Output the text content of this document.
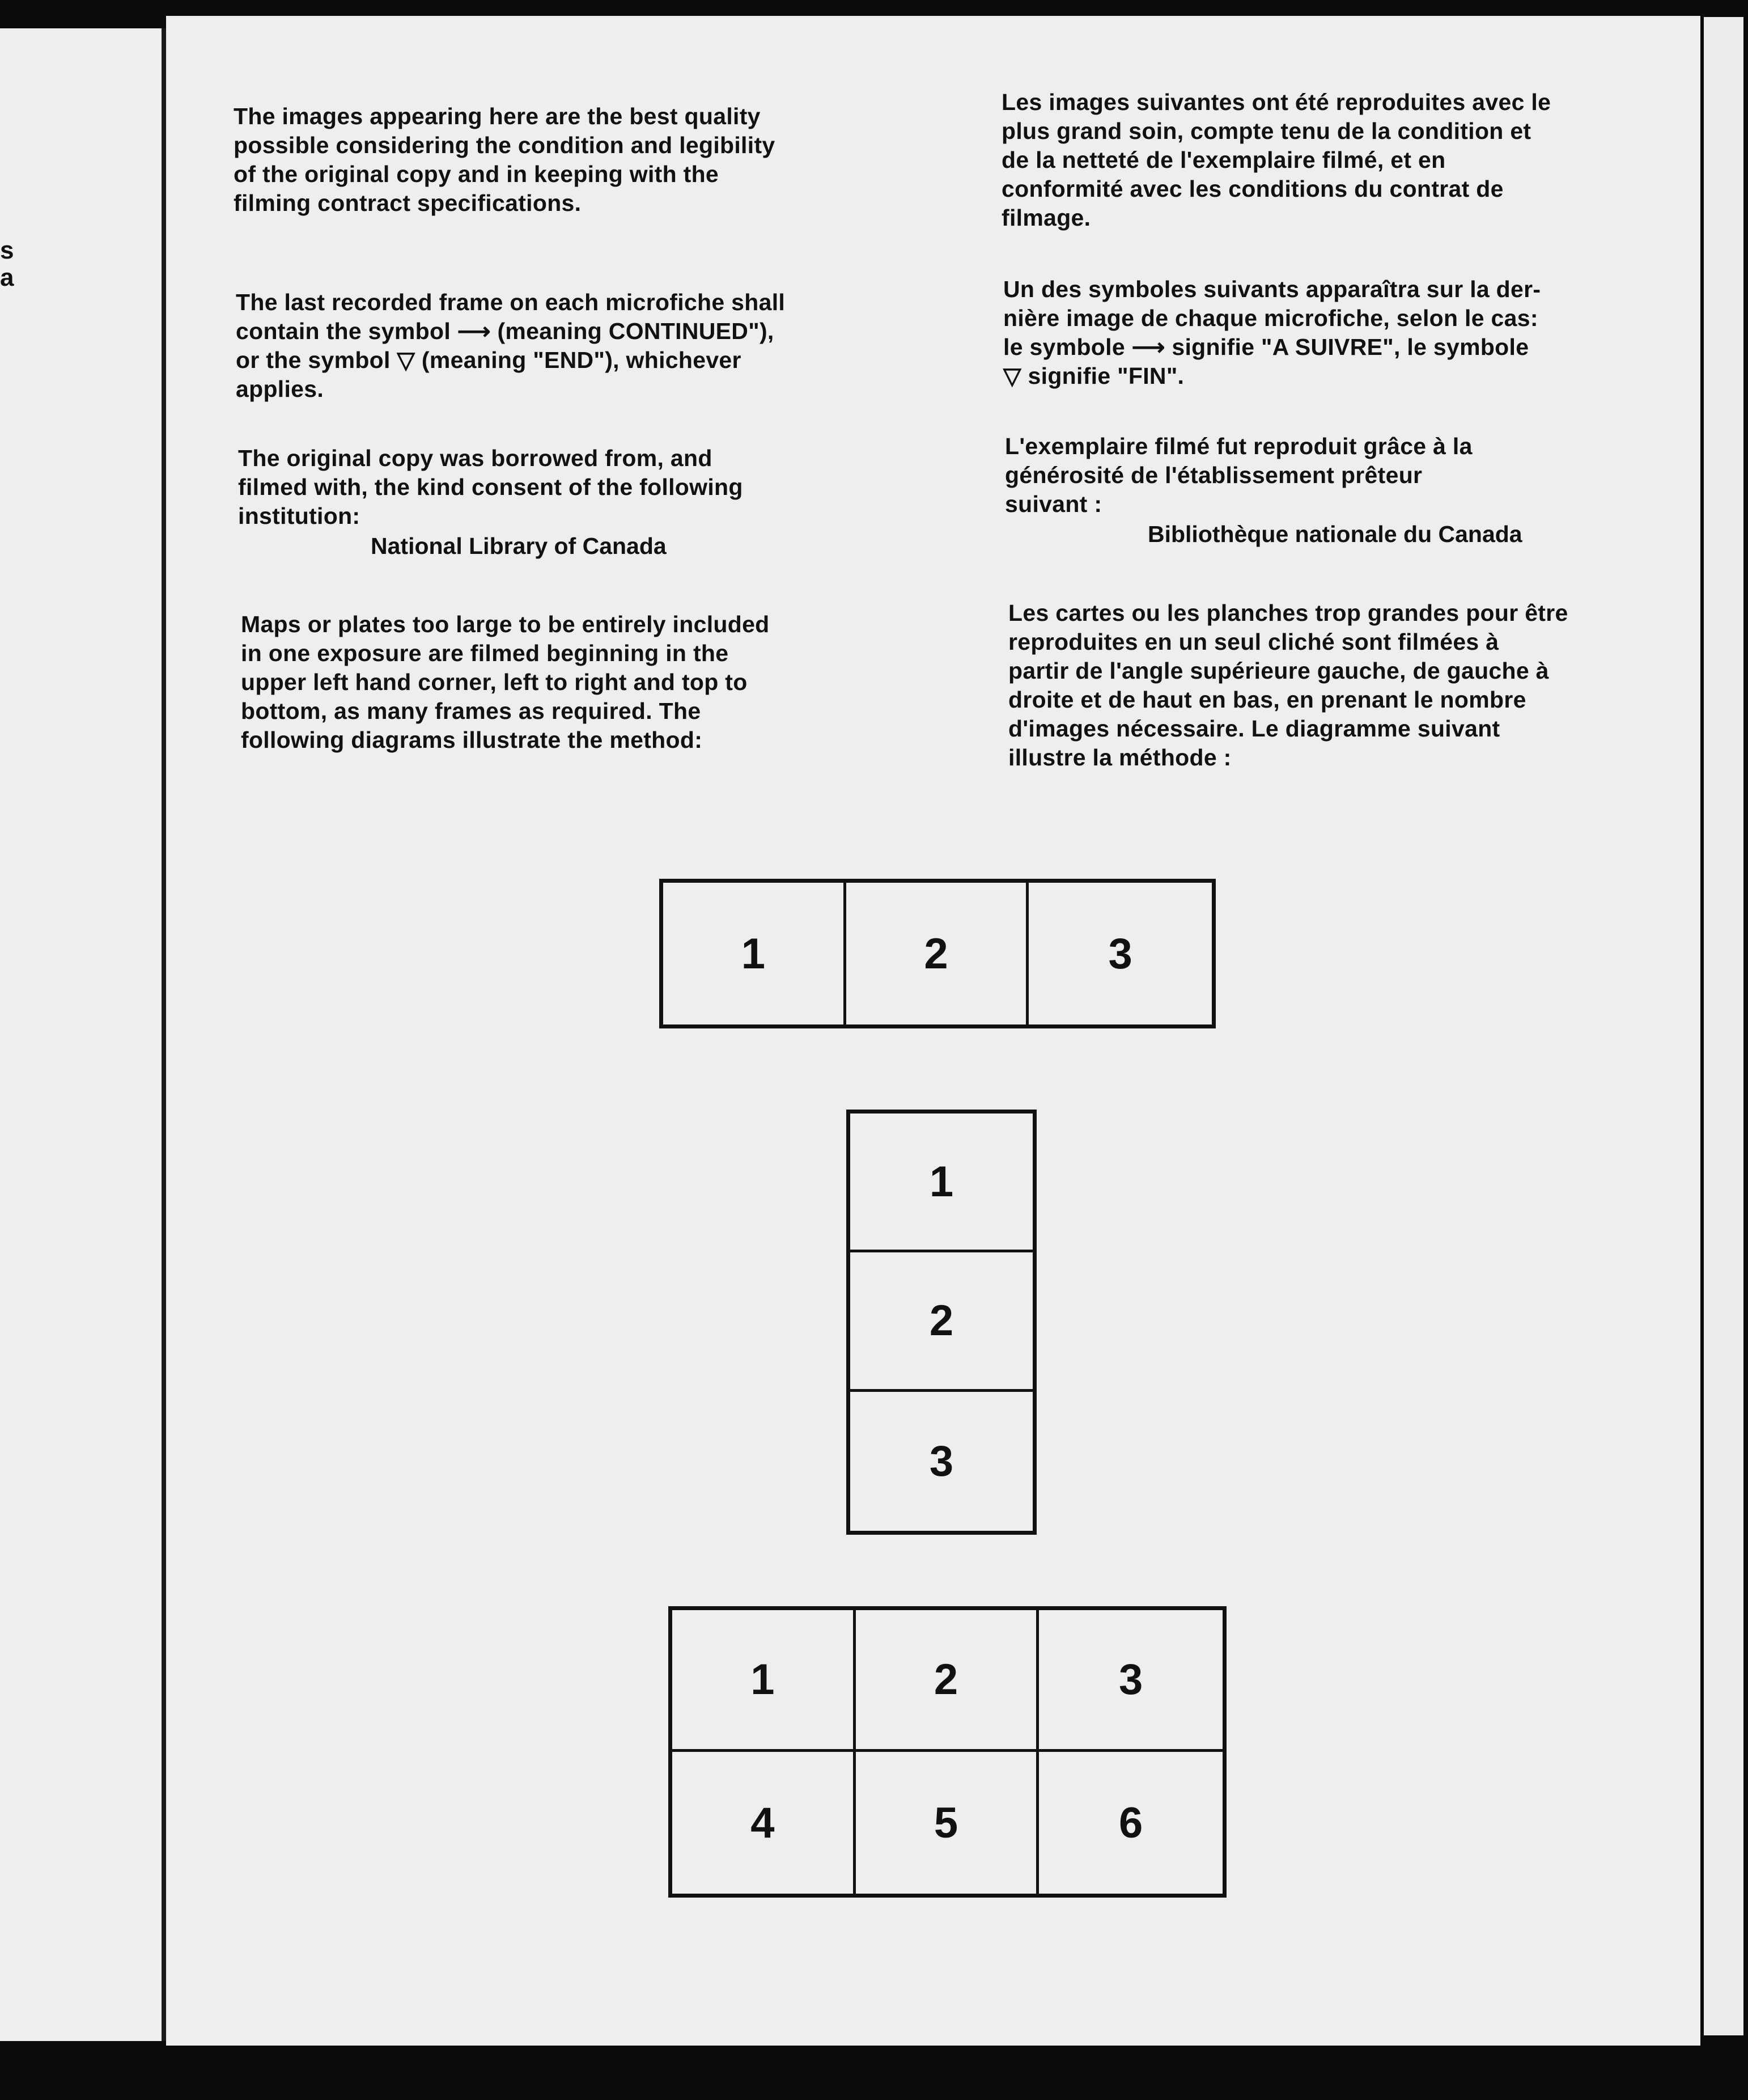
s
a

The images appearing here are the best quality
possible considering the condition and legibility
of the original copy and in keeping with the
filming contract specifications.

The last recorded frame on each microfiche shall
contain the symbol ⟶ (meaning CONTINUED"),
or the symbol ▽ (meaning "END"), whichever
applies.

The original copy was borrowed from, and
filmed with, the kind consent of the following
institution:

National Library of Canada

Maps or plates too large to be entirely included
in one exposure are filmed beginning in the
upper left hand corner, left to right and top to
bottom, as many frames as required. The
following diagrams illustrate the method:

Les images suivantes ont été reproduites avec le
plus grand soin, compte tenu de la condition et
de la netteté de l'exemplaire filmé, et en
conformité avec les conditions du contrat de
filmage.

Un des symboles suivants apparaîtra sur la der-
nière image de chaque microfiche, selon le cas:
le symbole ⟶ signifie "A SUIVRE", le symbole
▽ signifie "FIN".

L'exemplaire filmé fut reproduit grâce à la
générosité de l'établissement prêteur
suivant :

Bibliothèque nationale du Canada

Les cartes ou les planches trop grandes pour être
reproduites en un seul cliché sont filmées à
partir de l'angle supérieure gauche, de gauche à
droite et de haut en bas, en prenant le nombre
d'images nécessaire. Le diagramme suivant
illustre la méthode :

1	2	3
1
2
3
1	2	3
4	5	6
